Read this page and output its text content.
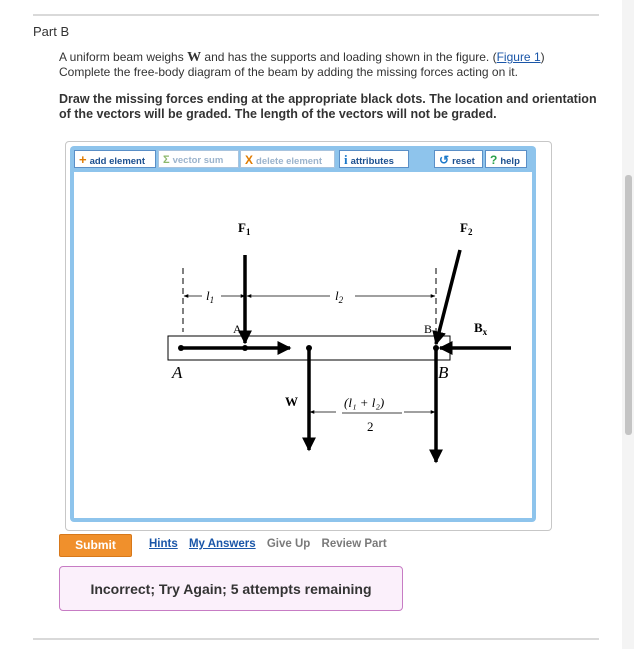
Part B
A uniform beam weighs W and has the supports and loading shown in the figure. (Figure 1)
Complete the free-body diagram of the beam by adding the missing forces acting on it.
Draw the missing forces ending at the appropriate black dots. The location and orientation of the vectors will be graded. The length of the vectors will not be graded.
+ add element	Σ vector sum	X delete element	i attributes	↺ reset	? help
$l_1$	$l_2$
$F_1$	$F_2$
$B_x$
W	(l₁ + l₂)
2
A	B
A	B
Submit	Hints My Answers Give Up Review Part
Incorrect; Try Again; 5 attempts remaining
